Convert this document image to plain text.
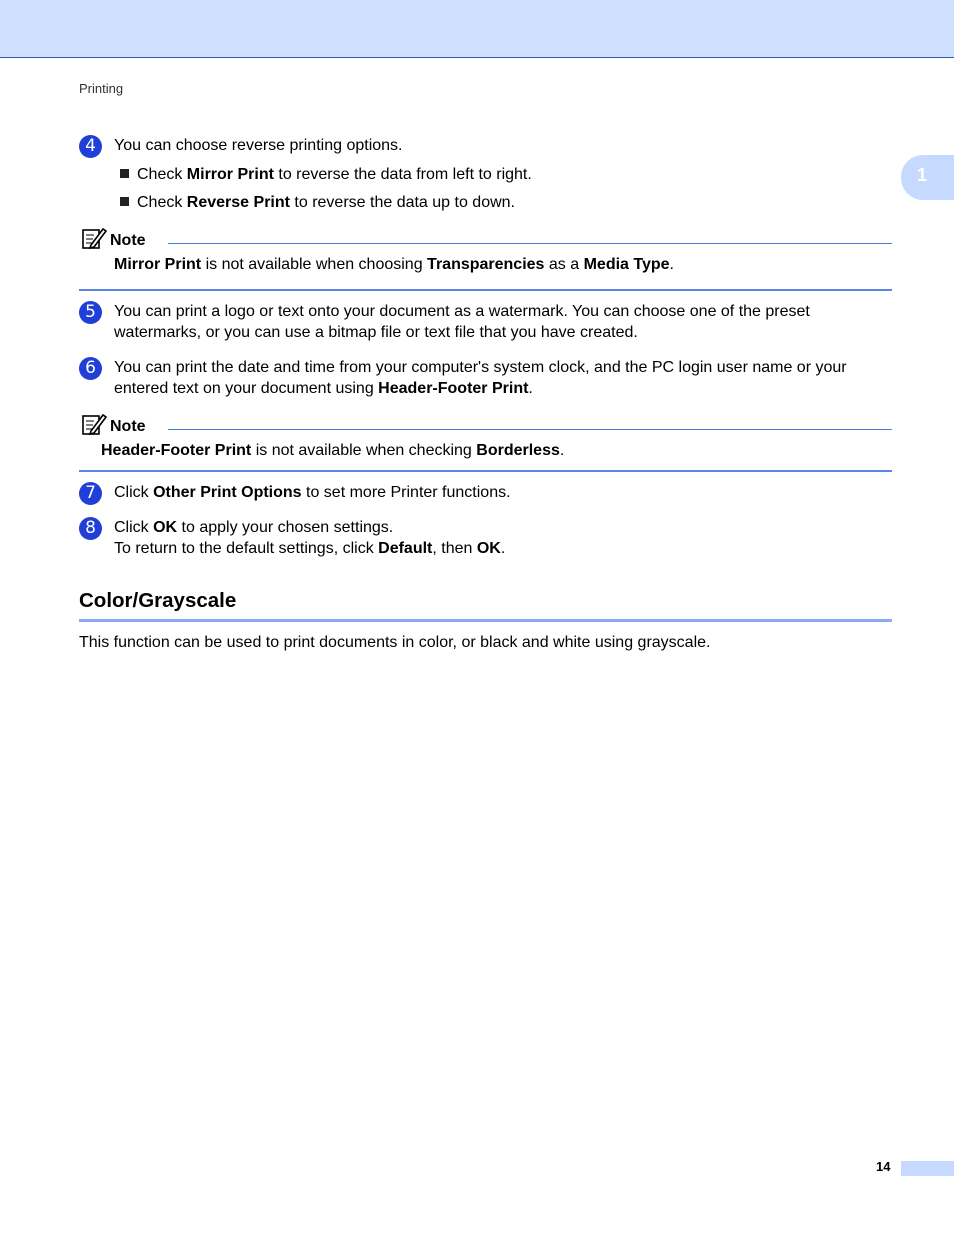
Printing
1
4	You can choose reverse printing options.
Check Mirror Print to reverse the data from left to right.
Check Reverse Print to reverse the data up to down.
Note
Mirror Print is not available when choosing Transparencies as a Media Type.
5	You can print a logo or text onto your document as a watermark. You can choose one of the preset watermarks, or you can use a bitmap file or text file that you have created.
6	You can print the date and time from your computer's system clock, and the PC login user name or your entered text on your document using Header-Footer Print.
Note
Header-Footer Print is not available when checking Borderless.
7	Click Other Print Options to set more Printer functions.
8	Click OK to apply your chosen settings.
To return to the default settings, click Default, then OK.
Color/Grayscale
This function can be used to print documents in color, or black and white using grayscale.
14
